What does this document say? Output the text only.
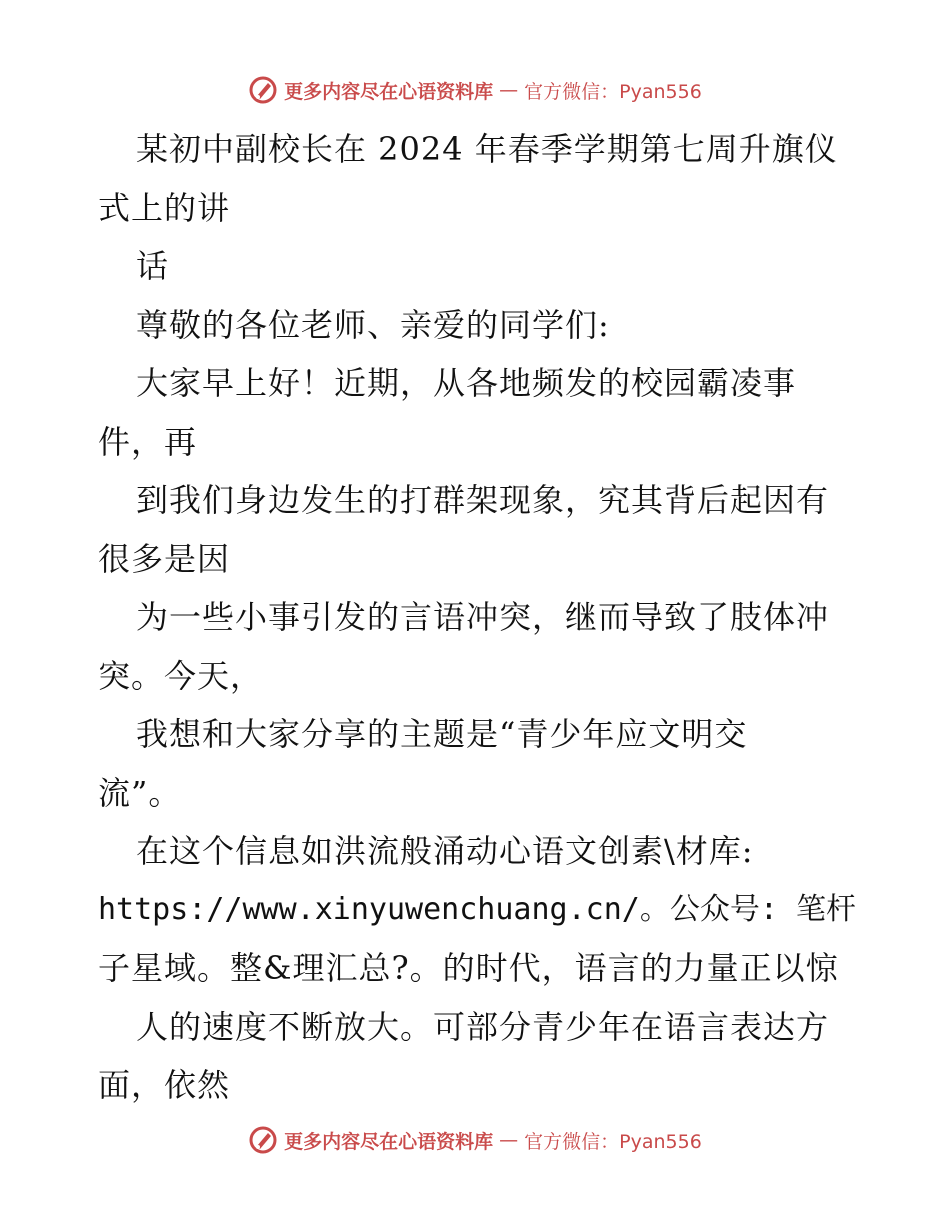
更多内容尽在心语资料库 — 官方微信：Pyan556
某初中副校长在 2024 年春季学期第七周升旗仪
式上的讲
话
尊敬的各位老师、亲爱的同学们:
大家早上好！近期，从各地频发的校园霸凌事
件，再
到我们身边发生的打群架现象，究其背后起因有
很多是因
为一些小事引发的言语冲突，继而导致了肢体冲
突。今天，
我想和大家分享的主题是“青少年应文明交
流”。
在这个信息如洪流般涌动心语文创素\材库:
https://www.xinyuwenchuang.cn/。公众号: 笔杆
子星域。整&理汇总?。的时代，语言的力量正以惊
人的速度不断放大。可部分青少年在语言表达方
面，依然
更多内容尽在心语资料库 — 官方微信：Pyan556
